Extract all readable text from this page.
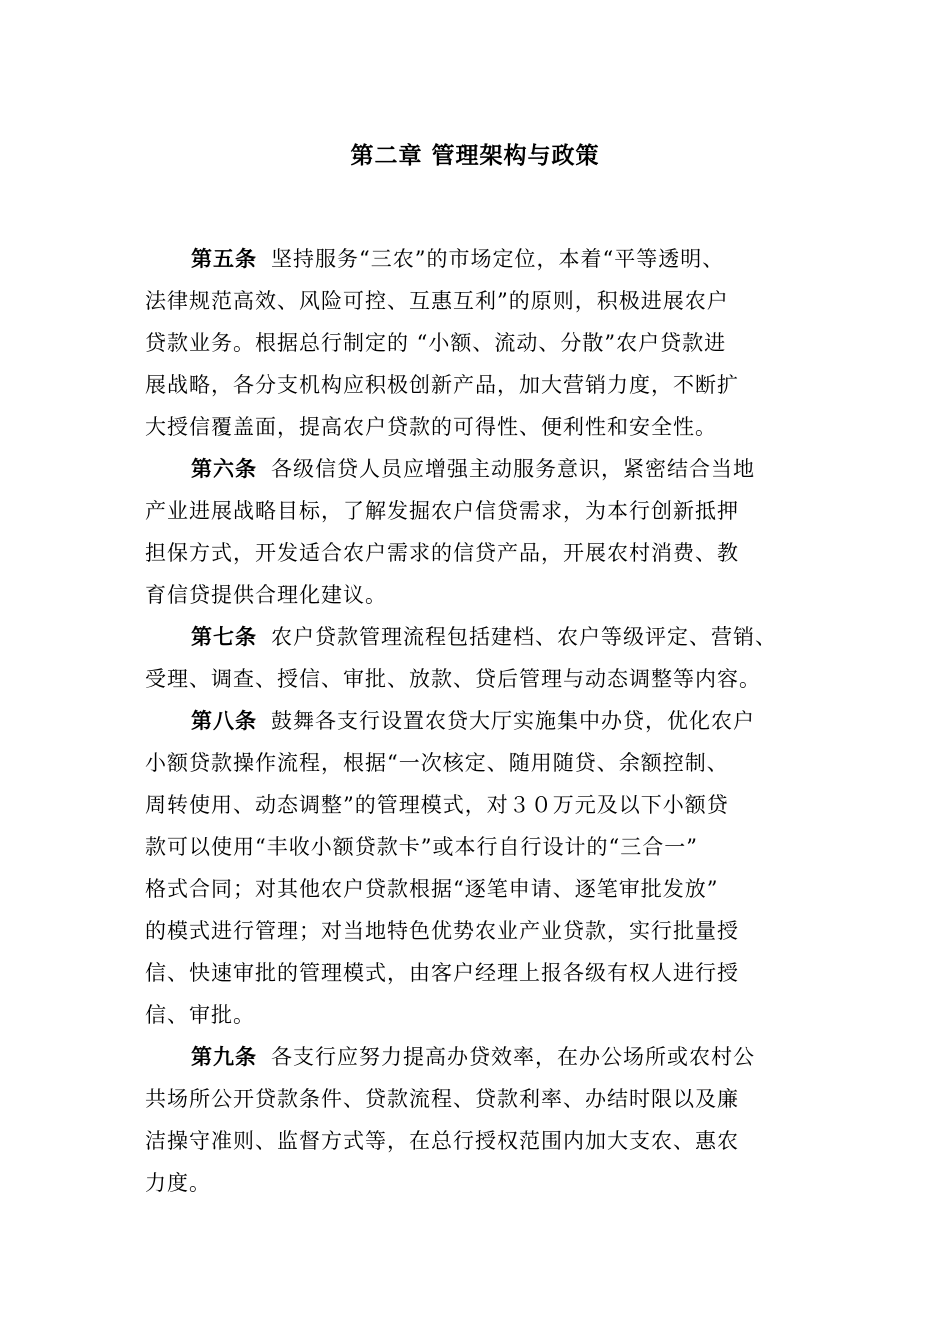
第二章 管理架构与政策
第五条 坚持服务“三农”的市场定位，本着“平等透明、
法律规范高效、风险可控、互惠互利”的原则，积极进展农户
贷款业务。根据总行制定的 “小额、流动、分散”农户贷款进
展战略，各分支机构应积极创新产品，加大营销力度，不断扩
大授信覆盖面，提高农户贷款的可得性、便利性和安全性。
第六条 各级信贷人员应增强主动服务意识，紧密结合当地
产业进展战略目标，了解发掘农户信贷需求，为本行创新抵押
担保方式，开发适合农户需求的信贷产品，开展农村消费、教
育信贷提供合理化建议。
第七条 农户贷款管理流程包括建档、农户等级评定、营销、
受理、调查、授信、审批、放款、贷后管理与动态调整等内容。
第八条 鼓舞各支行设置农贷大厅实施集中办贷，优化农户
小额贷款操作流程，根据“一次核定、随用随贷、余额控制、
周转使用、动态调整”的管理模式，对３０万元及以下小额贷
款可以使用“丰收小额贷款卡”或本行自行设计的“三合一”
格式合同；对其他农户贷款根据“逐笔申请、逐笔审批发放”
的模式进行管理；对当地特色优势农业产业贷款，实行批量授
信、快速审批的管理模式，由客户经理上报各级有权人进行授
信、审批。
第九条 各支行应努力提高办贷效率，在办公场所或农村公
共场所公开贷款条件、贷款流程、贷款利率、办结时限以及廉
洁操守准则、监督方式等，在总行授权范围内加大支农、惠农
力度。
